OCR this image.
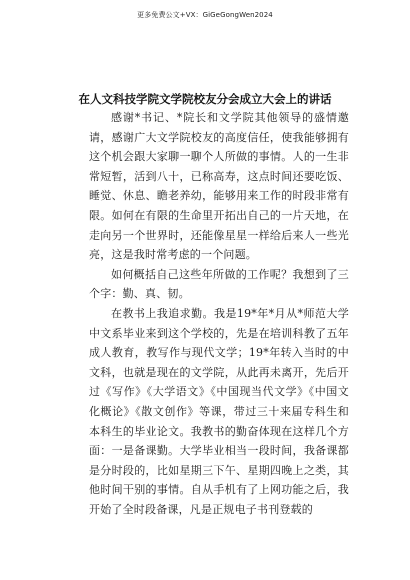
更多免费公文+VX：GiGeGongWen2024
在人文科技学院文学院校友分会成立大会上的讲话

感谢*书记、*院长和文学院其他领导的盛情邀请，感谢广大文学院校友的高度信任，使我能够拥有这个机会跟大家聊一聊个人所做的事情。人的一生非常短暂，活到八十，已称高寿，这点时间还要吃饭、睡觉、休息、瞻老养幼，能够用来工作的时段非常有限。如何在有限的生命里开拓出自己的一片天地，在走向另一个世界时，还能像星星一样给后来人一些光亮，这是我时常考虑的一个问题。

如何概括自己这些年所做的工作呢？我想到了三个字：勤、真、韧。

在教书上我追求勤。我是19*年*月从*师范大学中文系毕业来到这个学校的，先是在培训科教了五年成人教育，教写作与现代文学；19*年转入当时的中文科，也就是现在的文学院，从此再未离开，先后开过《写作》《大学语文》《中国现当代文学》《中国文化概论》《散文创作》等课，带过三十来届专科生和本科生的毕业论文。我教书的勤奋体现在这样几个方面：一是备课勤。大学毕业相当一段时间，我备课都是分时段的，比如星期三下午、星期四晚上之类，其他时间干别的事情。自从手机有了上网功能之后，我开始了全时段备课，凡是正规电子书刊登载的
